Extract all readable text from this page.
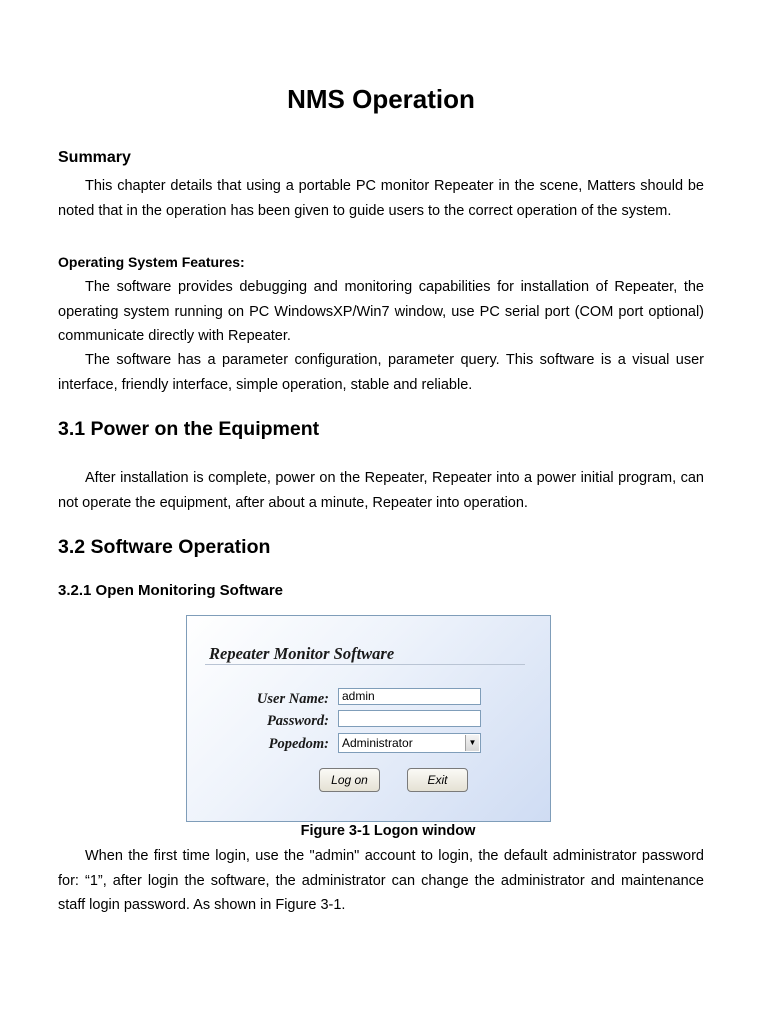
NMS Operation
Summary

This chapter details that using a portable PC monitor Repeater in the scene, Matters should be noted that in the operation has been given to guide users to the correct operation of the system.

Operating System Features:

The software provides debugging and monitoring capabilities for installation of Repeater, the operating system running on PC WindowsXP/Win7 window, use PC serial port (COM port optional) communicate directly with Repeater.

The software has a parameter configuration, parameter query. This software is a visual user interface, friendly interface, simple operation, stable and reliable.

3.1 Power on the Equipment

After installation is complete, power on the Repeater, Repeater into a power initial program, can not operate the equipment, after about a minute, Repeater into operation.

3.2 Software Operation
3.2.1 Open Monitoring Software

Figure 3-1 Logon window

When the first time login, use the "admin" account to login, the default administrator password for: “1”, after login the software, the administrator can change the administrator and maintenance staff login password. As shown in Figure 3-1.

Repeater Monitor Software
User Name:	admin
Password:
Popedom:	Administrator	▼
Log on	Exit
